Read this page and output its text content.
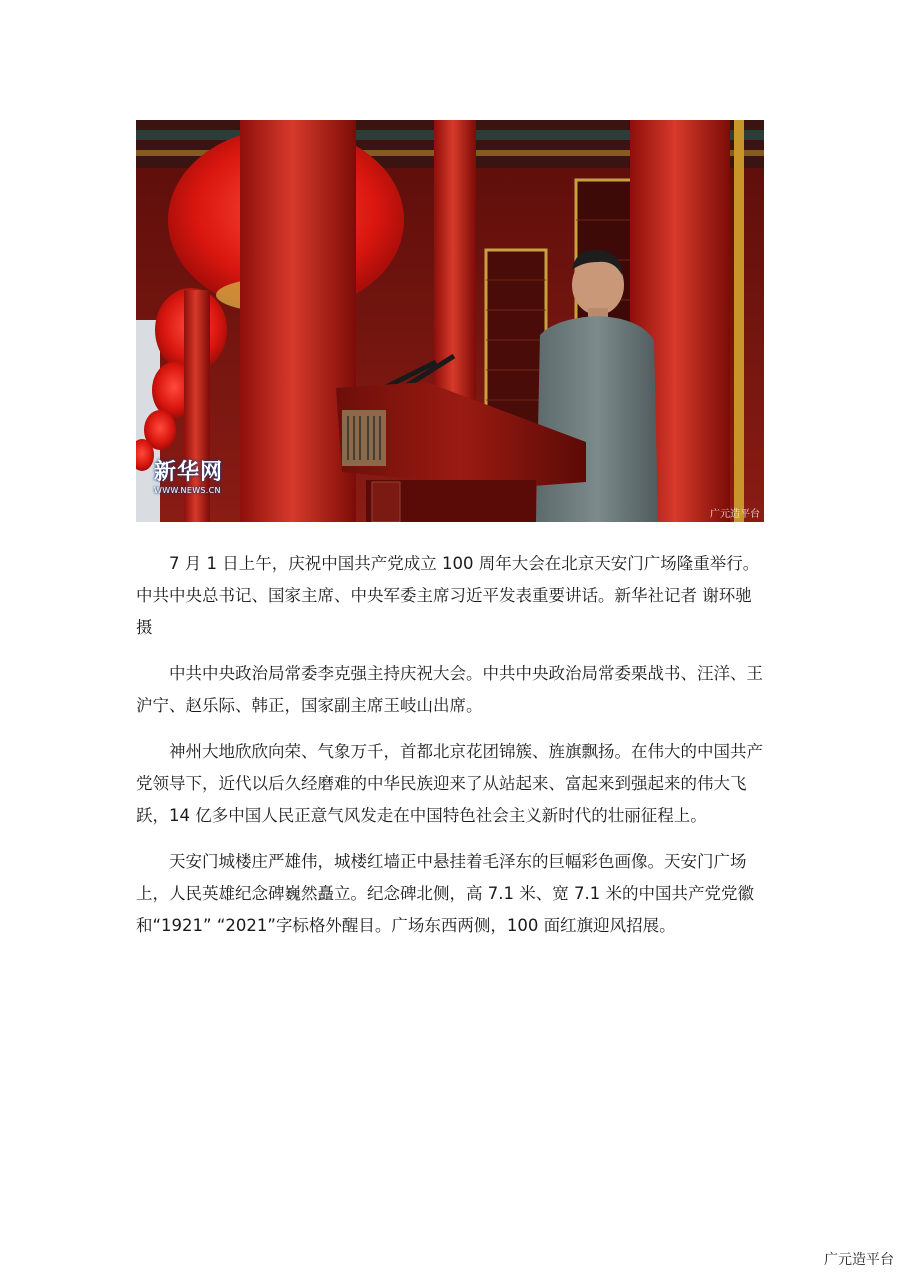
新华网
WWW.NEWS.CN
广元造平台

7 月 1 日上午，庆祝中国共产党成立 100 周年大会在北京天安门广场隆重举行。中共中央总书记、国家主席、中央军委主席习近平发表重要讲话。新华社记者 谢环驰 摄

中共中央政治局常委李克强主持庆祝大会。中共中央政治局常委栗战书、汪洋、王沪宁、赵乐际、韩正，国家副主席王岐山出席。

神州大地欣欣向荣、气象万千，首都北京花团锦簇、旌旗飘扬。在伟大的中国共产党领导下，近代以后久经磨难的中华民族迎来了从站起来、富起来到强起来的伟大飞跃，14 亿多中国人民正意气风发走在中国特色社会主义新时代的壮丽征程上。

天安门城楼庄严雄伟，城楼红墙正中悬挂着毛泽东的巨幅彩色画像。天安门广场上，人民英雄纪念碑巍然矗立。纪念碑北侧，高 7.1 米、宽 7.1 米的中国共产党党徽和“1921” “2021”字标格外醒目。广场东西两侧，100 面红旗迎风招展。

广元造平台
